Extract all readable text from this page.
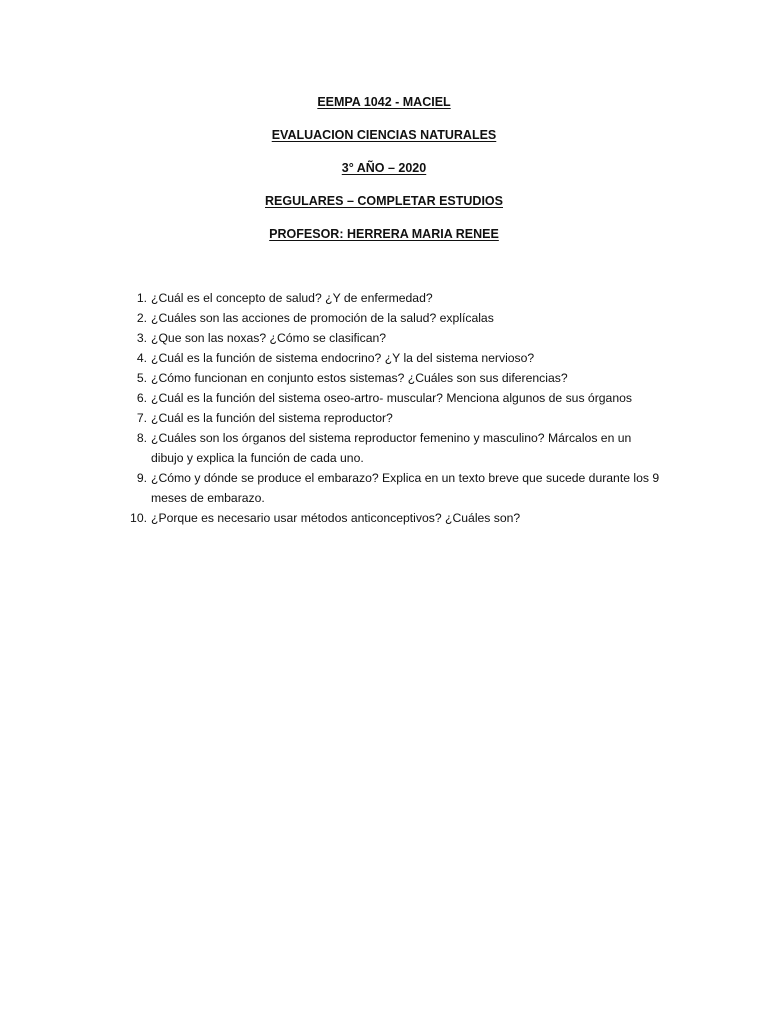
EEMPA 1042 - MACIEL
EVALUACION CIENCIAS NATURALES
3° AÑO – 2020
REGULARES – COMPLETAR ESTUDIOS
PROFESOR: HERRERA MARIA RENEE
1. ¿Cuál es el concepto de salud? ¿Y de enfermedad?
2. ¿Cuáles son las acciones de promoción de la salud? explícalas
3. ¿Que son las noxas? ¿Cómo se clasifican?
4. ¿Cuál es la función de sistema endocrino? ¿Y la del sistema nervioso?
5. ¿Cómo funcionan en conjunto estos sistemas? ¿Cuáles son sus diferencias?
6. ¿Cuál es la función del sistema oseo-artro- muscular? Menciona algunos de sus órganos
7. ¿Cuál es la función del sistema reproductor?
8. ¿Cuáles son los órganos del sistema reproductor femenino y masculino? Márcalos en un dibujo y explica la función de cada uno.
9. ¿Cómo y dónde se produce el embarazo? Explica en un texto breve que sucede durante los 9 meses de embarazo.
10. ¿Porque es necesario usar métodos anticonceptivos? ¿Cuáles son?
